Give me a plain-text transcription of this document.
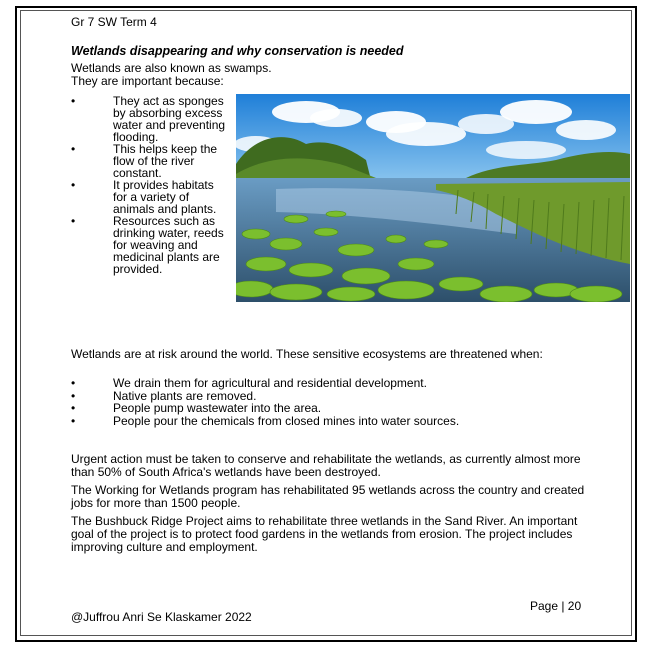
Gr 7 SW Term 4
Wetlands disappearing and why conservation is needed
Wetlands are also known as swamps.
They are important because:
• They act as sponges by absorbing excess water and preventing flooding.
• This helps keep the flow of the river constant.
• It provides habitats for a variety of animals and plants.
• Resources such as drinking water, reeds for weaving and medicinal plants are provided.
Wetlands are at risk around the world. These sensitive ecosystems are threatened when:
• We drain them for agricultural and residential development.
• Native plants are removed.
• People pump wastewater into the area.
• People pour the chemicals from closed mines into water sources.
Urgent action must be taken to conserve and rehabilitate the wetlands, as currently almost more than 50% of South Africa's wetlands have been destroyed.
The Working for Wetlands program has rehabilitated 95 wetlands across the country and created jobs for more than 1500 people.
The Bushbuck Ridge Project aims to rehabilitate three wetlands in the Sand River. An important goal of the project is to protect food gardens in the wetlands from erosion. The project includes improving culture and employment.
Page | 20
@Juffrou Anri Se Klaskamer 2022
